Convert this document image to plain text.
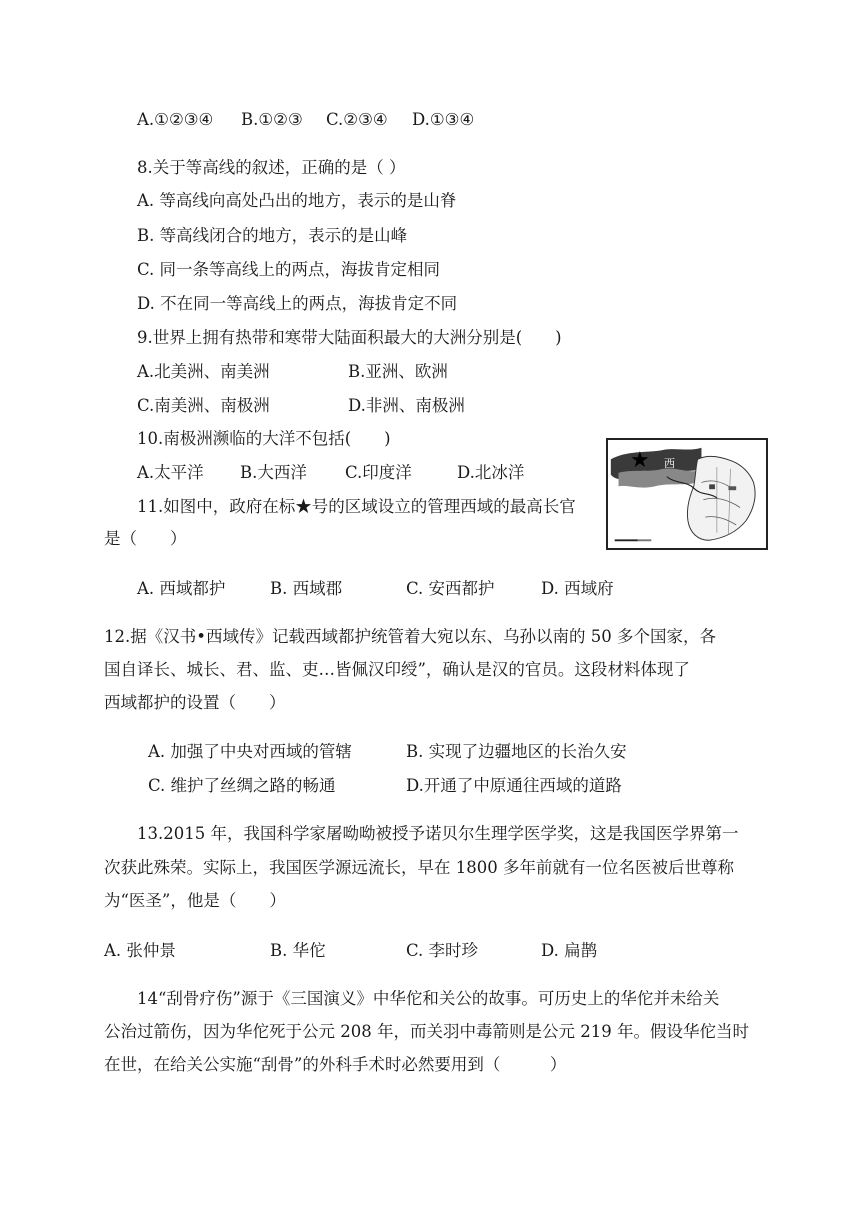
A.①②③④ B.①②③ C.②③④ D.①③④
8.关于等高线的叙述，正确的是（ ）
A. 等高线向高处凸出的地方，表示的是山脊
B. 等高线闭合的地方，表示的是山峰
C. 同一条等高线上的两点，海拔肯定相同
D. 不在同一等高线上的两点，海拔肯定不同
9.世界上拥有热带和寒带大陆面积最大的大洲分别是(　　)
A.北美洲、南美洲	B.亚洲、欧洲
C.南美洲、南极洲	D.非洲、南极洲
10.南极洲濒临的大洋不包括(　　)
A.太平洋 B.大西洋 C.印度洋	D.北冰洋	★ 西
11.如图中，政府在标★号的区域设立的管理西域的最高长官
是（　　）
A. 西域都护	B. 西域郡	C. 安西都护	D. 西域府
12.据《汉书•西域传》记载西域都护统管着大宛以东、乌孙以南的 50 多个国家，各
国自译长、城长、君、监、吏…皆佩汉印绶”，确认是汉的官员。这段材料体现了
西域都护的设置（　　）
A. 加强了中央对西域的管辖	B. 实现了边疆地区的长治久安
C. 维护了丝绸之路的畅通	D.开通了中原通往西域的道路
13.2015 年，我国科学家屠呦呦被授予诺贝尔生理学医学奖，这是我国医学界第一
次获此殊荣。实际上，我国医学源远流长，早在 1800 多年前就有一位名医被后世尊称
为“医圣”，他是（　　）
A. 张仲景	B. 华佗	C. 李时珍	D. 扁鹊
14“刮骨疗伤”源于《三国演义》中华佗和关公的故事。可历史上的华佗并未给关
公治过箭伤，因为华佗死于公元 208 年，而关羽中毒箭则是公元 219 年。假设华佗当时
在世，在给关公实施“刮骨”的外科手术时必然要用到（　　　）
